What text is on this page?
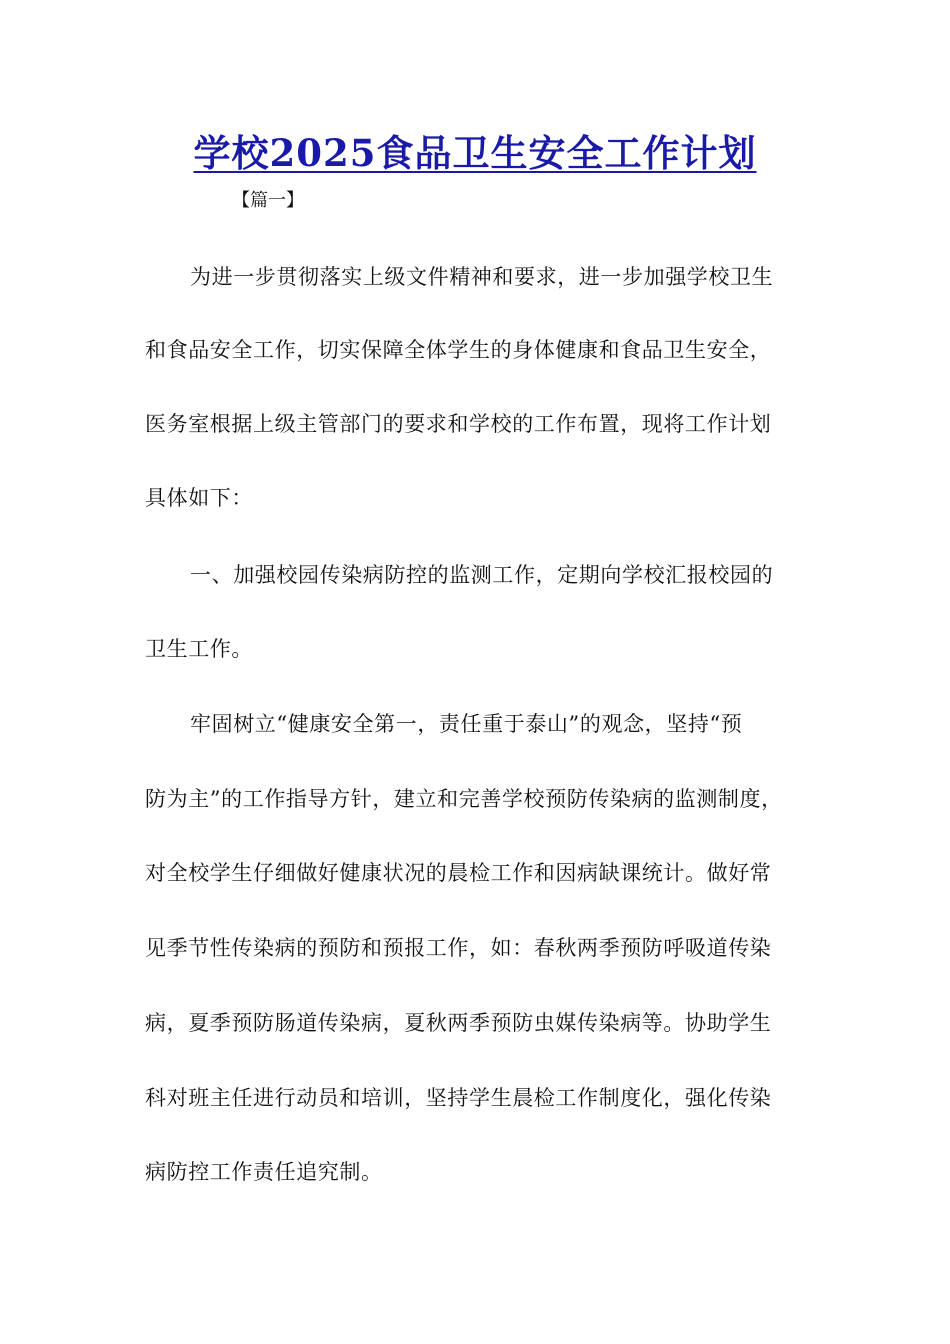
学校2025食品卫生安全工作计划

【篇一】

为进一步贯彻落实上级文件精神和要求，进一步加强学校卫生

和食品安全工作，切实保障全体学生的身体健康和食品卫生安全，

医务室根据上级主管部门的要求和学校的工作布置，现将工作计划

具体如下：

一、加强校园传染病防控的监测工作，定期向学校汇报校园的

卫生工作。

牢固树立“健康安全第一，责任重于泰山”的观念，坚持“预

防为主”的工作指导方针，建立和完善学校预防传染病的监测制度，

对全校学生仔细做好健康状况的晨检工作和因病缺课统计。做好常

见季节性传染病的预防和预报工作，如：春秋两季预防呼吸道传染

病，夏季预防肠道传染病，夏秋两季预防虫媒传染病等。协助学生

科对班主任进行动员和培训，坚持学生晨检工作制度化，强化传染

病防控工作责任追究制。
